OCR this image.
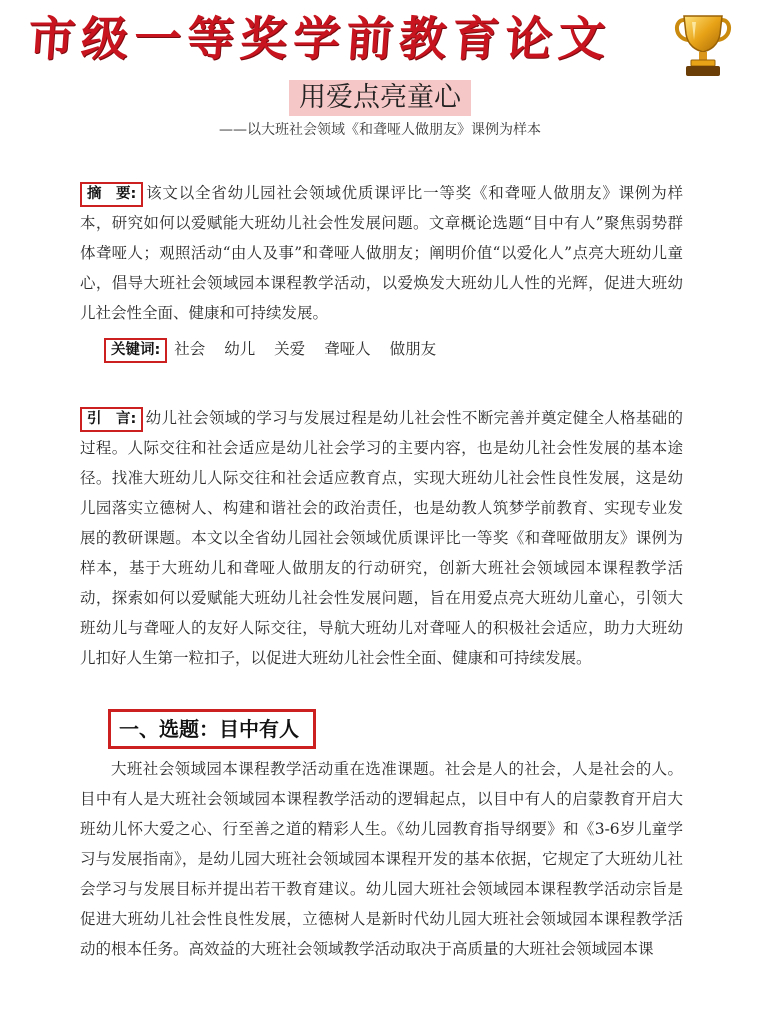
市级一等奖学前教育论文
用爱点亮童心
——以大班社会领域《和聋哑人做朋友》课例为样本

摘　要: 该文以全省幼儿园社会领域优质课评比一等奖《和聋哑人做朋友》课例为样本，研究如何以爱赋能大班幼儿社会性发展问题。文章概论选题“目中有人”聚焦弱势群体聋哑人；观照活动“由人及事”和聋哑人做朋友；阐明价值“以爱化人”点亮大班幼儿童心，倡导大班社会领域园本课程教学活动，以爱焕发大班幼儿人性的光辉，促进大班幼儿社会性全面、健康和可持续发展。

关键词: 社会 幼儿 关爱 聋哑人 做朋友

引　言: 幼儿社会领域的学习与发展过程是幼儿社会性不断完善并奠定健全人格基础的过程。人际交往和社会适应是幼儿社会学习的主要内容，也是幼儿社会性发展的基本途径。找准大班幼儿人际交往和社会适应教育点，实现大班幼儿社会性良性发展，这是幼儿园落实立德树人、构建和谐社会的政治责任，也是幼教人筑梦学前教育、实现专业发展的教研课题。本文以全省幼儿园社会领域优质课评比一等奖《和聋哑做朋友》课例为样本，基于大班幼儿和聋哑人做朋友的行动研究，创新大班社会领域园本课程教学活动，探索如何以爱赋能大班幼儿社会性发展问题，旨在用爱点亮大班幼儿童心，引领大班幼儿与聋哑人的友好人际交往，导航大班幼儿对聋哑人的积极社会适应，助力大班幼儿扣好人生第一粒扣子，以促进大班幼儿社会性全面、健康和可持续发展。

一、选题：目中有人

大班社会领域园本课程教学活动重在选准课题。社会是人的社会，人是社会的人。目中有人是大班社会领域园本课程教学活动的逻辑起点，以目中有人的启蒙教育开启大班幼儿怀大爱之心、行至善之道的精彩人生。《幼儿园教育指导纲要》和《3-6岁儿童学习与发展指南》，是幼儿园大班社会领域园本课程开发的基本依据，它规定了大班幼儿社会学习与发展目标并提出若干教育建议。幼儿园大班社会领域园本课程教学活动宗旨是促进大班幼儿社会性良性发展，立德树人是新时代幼儿园大班社会领域园本课程教学活动的根本任务。高效益的大班社会领域教学活动取决于高质量的大班社会领域园本课
